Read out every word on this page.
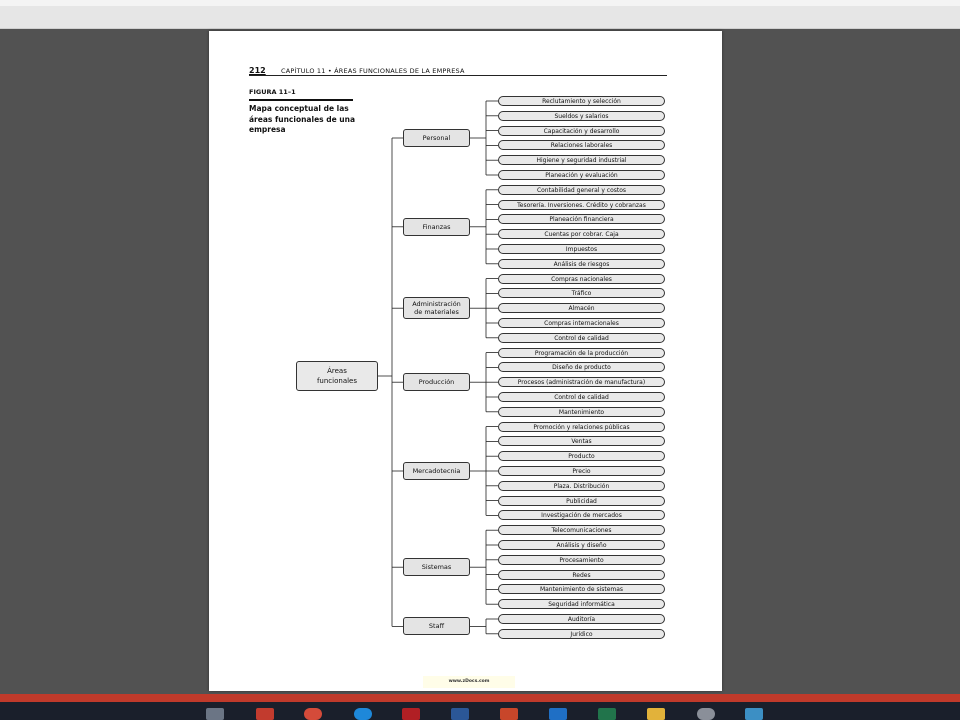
212 CAPÍTULO 11 • ÁREAS FUNCIONALES DE LA EMPRESA
FIGURA 11–1
Mapa conceptual de las áreas funcionales de una empresa
Reclutamiento y selección
Sueldos y salarios
Capacitación y desarrollo
Relaciones laborales
Higiene y seguridad industrial
Planeación y evaluación
Personal
Contabilidad general y costos
Tesorería. Inversiones. Crédito y cobranzas
Planeación financiera
Cuentas por cobrar. Caja
Impuestos
Análisis de riesgos
Finanzas
Compras nacionales
Tráfico
Almacén
Compras internacionales
Control de calidad
Administración de materiales
Programación de la producción
Diseño de producto
Procesos (administración de manufactura)
Control de calidad
Mantenimiento
Producción
Promoción y relaciones públicas
Ventas
Producto
Precio
Plaza. Distribución
Publicidad
Investigación de mercados
Mercadotecnia
Telecomunicaciones
Análisis y diseño
Procesamiento
Redes
Mantenimiento de sistemas
Seguridad informática
Sistemas
Auditoría
Jurídico
Staff
Áreas funcionales
www.zDocs.com
